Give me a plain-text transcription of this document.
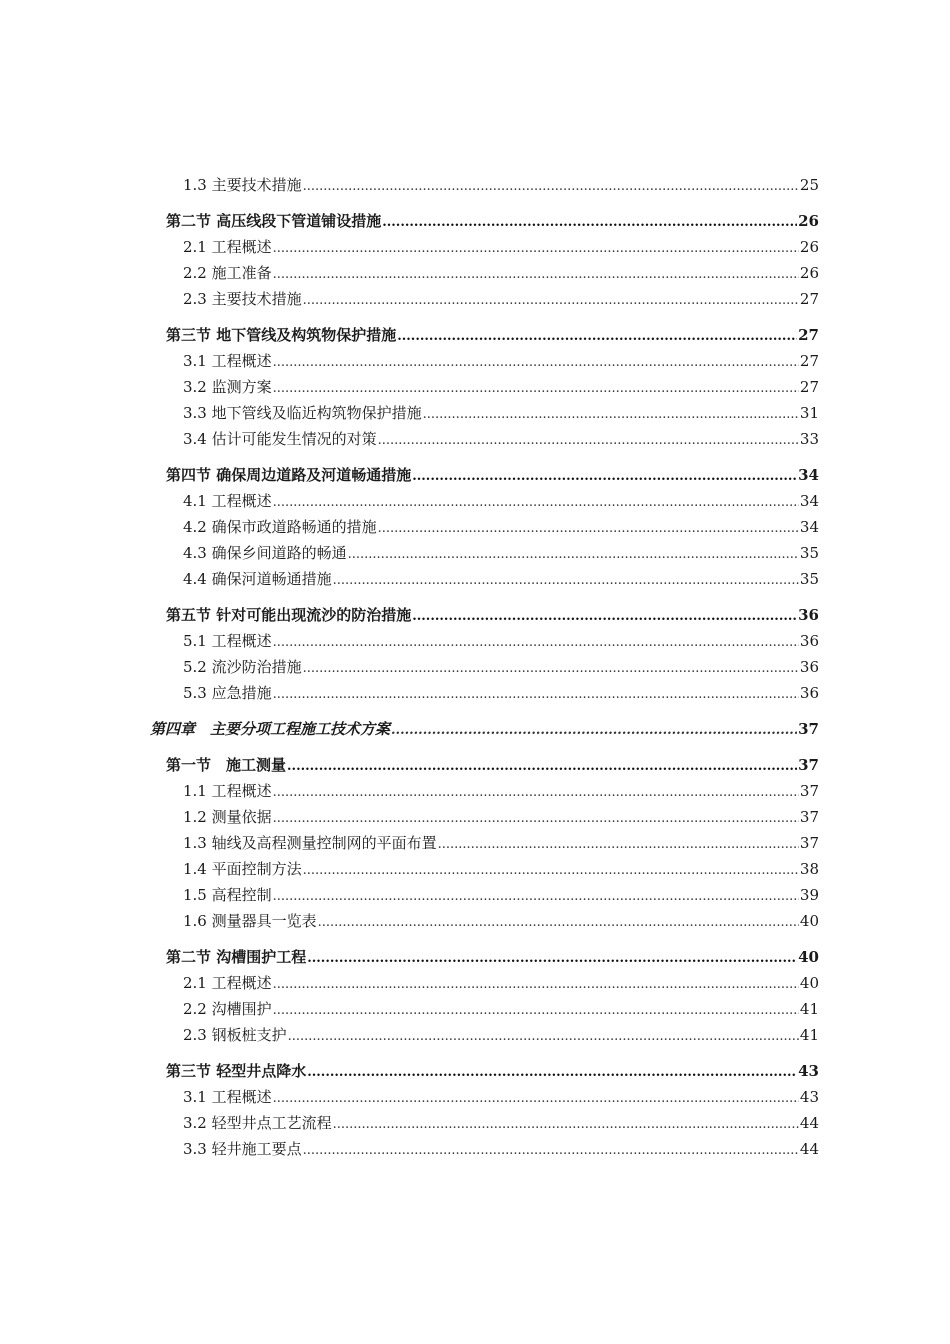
1.3 主要技术措施 .....	25
第二节 高压线段下管道铺设措施 .....	26
2.1 工程概述 .....	26
2.2 施工准备 .....	26
2.3 主要技术措施 .....	27
第三节 地下管线及构筑物保护措施 .....	27
3.1 工程概述 .....	27
3.2 监测方案 .....	27
3.3 地下管线及临近构筑物保护措施 .....	31
3.4 估计可能发生情况的对策 .....	33
第四节 确保周边道路及河道畅通措施 .....	34
4.1 工程概述 .....	34
4.2 确保市政道路畅通的措施 .....	34
4.3 确保乡间道路的畅通 .....	35
4.4 确保河道畅通措施 .....	35
第五节 针对可能出现流沙的防治措施 .....	36
5.1 工程概述 .....	36
5.2 流沙防治措施 .....	36
5.3 应急措施 .....	36
第四章　主要分项工程施工技术方案 .....	37
第一节　施工测量 .....	37
1.1 工程概述 .....	37
1.2 测量依据 .....	37
1.3 轴线及高程测量控制网的平面布置 .....	37
1.4 平面控制方法 .....	38
1.5 高程控制 .....	39
1.6 测量器具一览表 .....	40
第二节 沟槽围护工程 .....	40
2.1 工程概述 .....	40
2.2 沟槽围护 .....	41
2.3 钢板桩支护 .....	41
第三节 轻型井点降水 .....	43
3.1 工程概述 .....	43
3.2 轻型井点工艺流程 .....	44
3.3 轻井施工要点 .....	44
